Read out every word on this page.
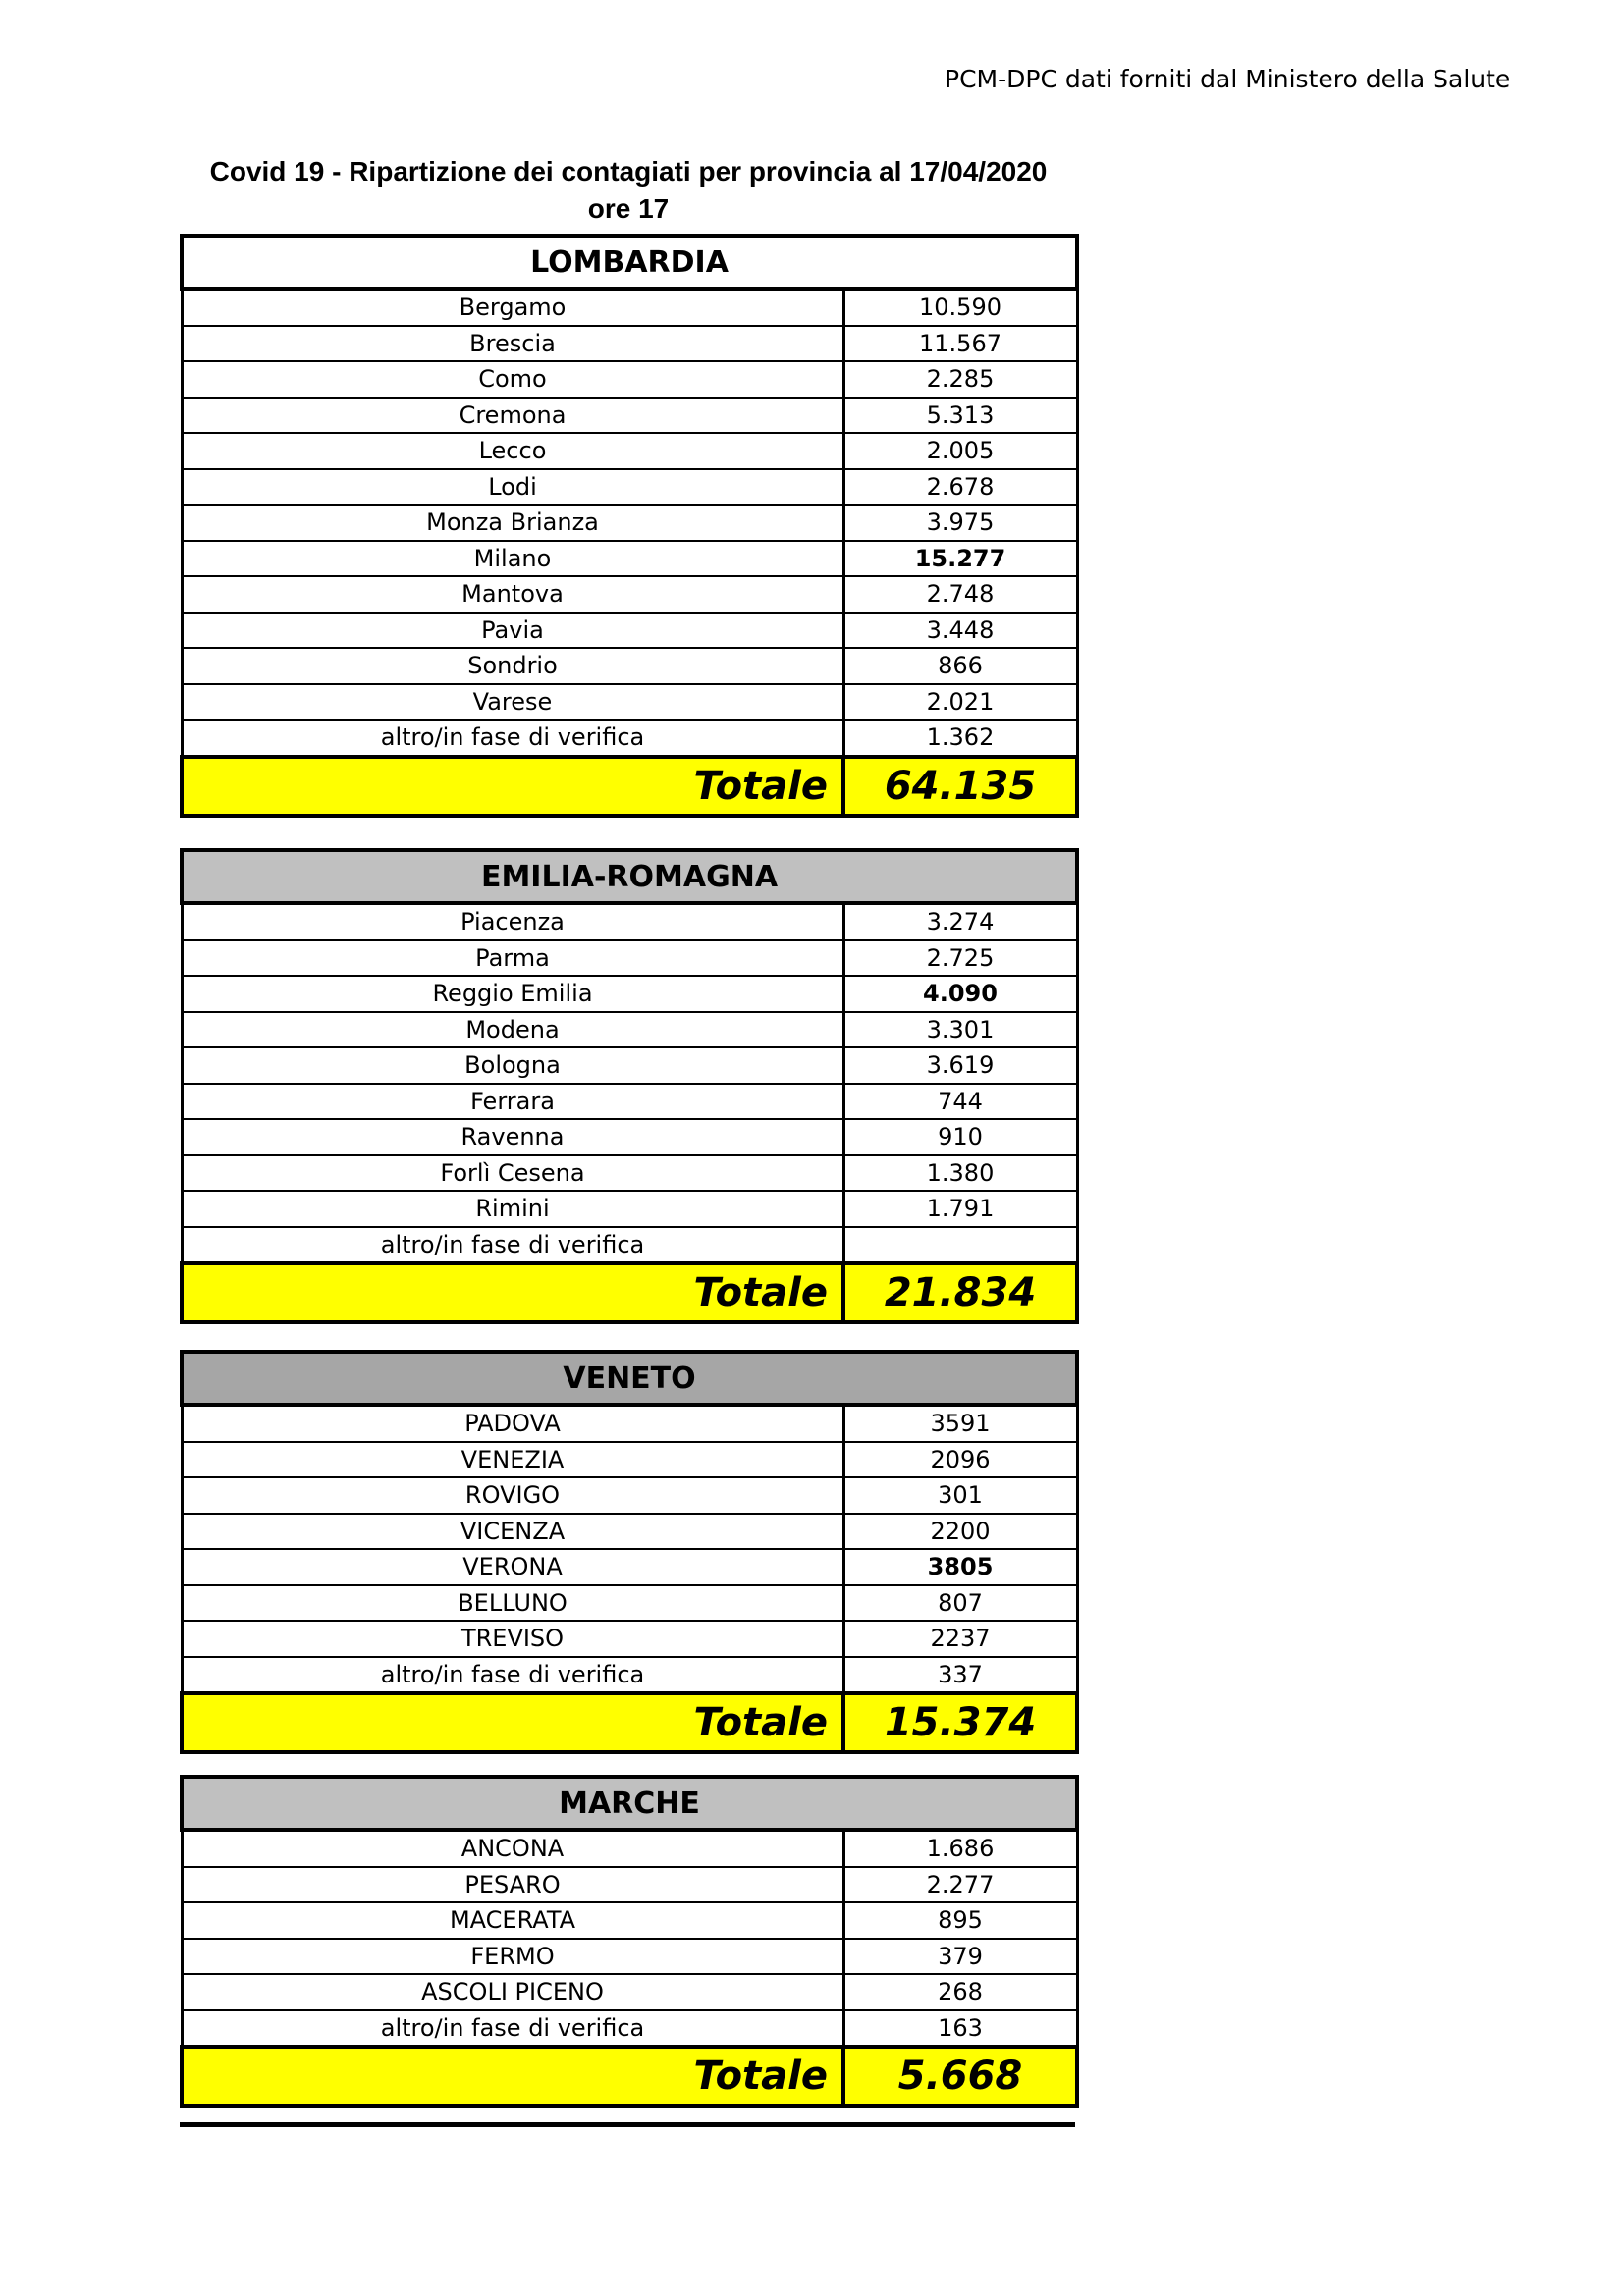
PCM-DPC dati forniti dal Ministero della Salute
Covid 19 - Ripartizione dei contagiati per provincia al 17/04/2020
ore 17
LOMBARDIA	
Bergamo	10.590
Brescia	11.567
Como	2.285
Cremona	5.313
Lecco	2.005
Lodi	2.678
Monza Brianza	3.975
Milano	15.277
Mantova	2.748
Pavia	3.448
Sondrio	866
Varese	2.021
altro/in fase di verifica	1.362
Totale	64.135
EMILIA-ROMAGNA	
Piacenza	3.274
Parma	2.725
Reggio Emilia	4.090
Modena	3.301
Bologna	3.619
Ferrara	744
Ravenna	910
Forlì Cesena	1.380
Rimini	1.791
altro/in fase di verifica	
Totale	21.834
VENETO	
PADOVA	3591
VENEZIA	2096
ROVIGO	301
VICENZA	2200
VERONA	3805
BELLUNO	807
TREVISO	2237
altro/in fase di verifica	337
Totale	15.374
MARCHE	
ANCONA	1.686
PESARO	2.277
MACERATA	895
FERMO	379
ASCOLI PICENO	268
altro/in fase di verifica	163
Totale	5.668
